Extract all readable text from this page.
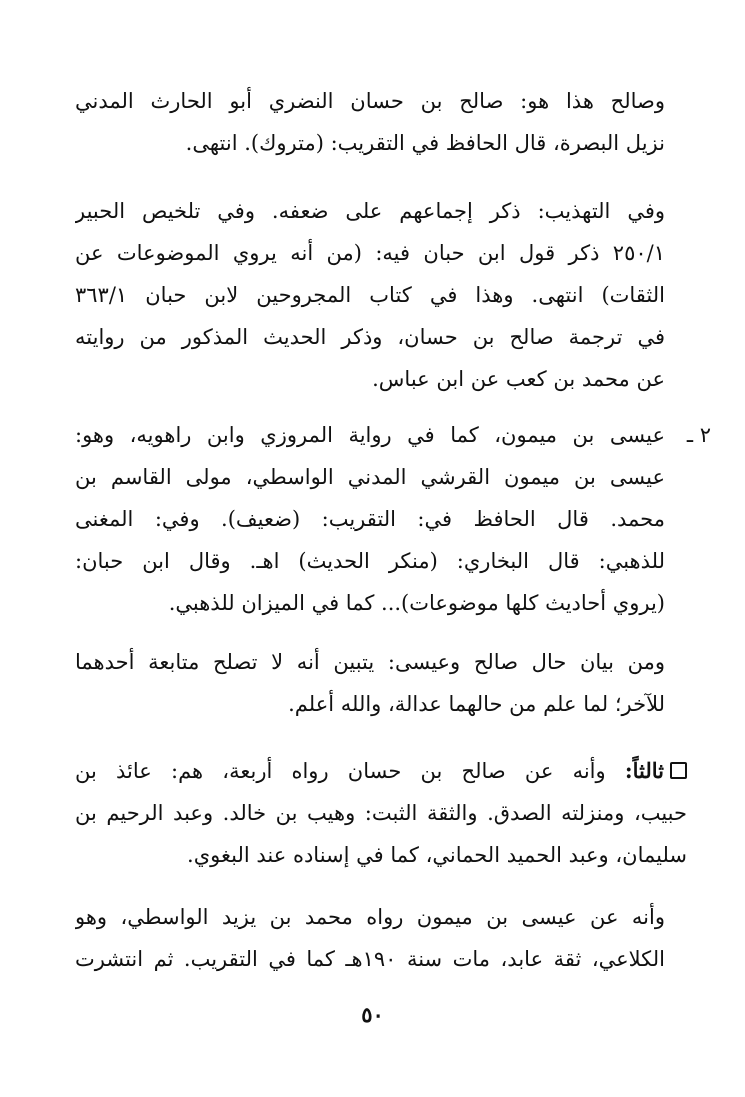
وصالح هذا هو: صالح بن حسان النضري أبو الحارث المدني
نزيل البصرة، قال الحافظ في التقريب: (متروك). انتهى.
وفي التهذيب: ذكر إجماعهم على ضعفه. وفي تلخيص الحبير
٢٥٠/١ ذكر قول ابن حبان فيه: (من أنه يروي الموضوعات عن
الثقات) انتهى. وهذا في كتاب المجروحين لابن حبان ٣٦٣/١
في ترجمة صالح بن حسان، وذكر الحديث المذكور من روايته
عن محمد بن كعب عن ابن عباس.
٢ ـ
عيسى بن ميمون، كما في رواية المروزي وابن راهويه، وهو:
عيسى بن ميمون القرشي المدني الواسطي، مولى القاسم بن
محمد. قال الحافظ في: التقريب: (ضعيف). وفي: المغنى
للذهبي: قال البخاري: (منكر الحديث) اهـ. وقال ابن حبان:
(يروي أحاديث كلها موضوعات)... كما في الميزان للذهبي.
ومن بيان حال صالح وعيسى: يتبين أنه لا تصلح متابعة أحدهما
للآخر؛ لما علم من حالهما عدالة، والله أعلم.
ثالثاً: وأنه عن صالح بن حسان رواه أربعة، هم: عائذ بن
حبيب، ومنزلته الصدق. والثقة الثبت: وهيب بن خالد. وعبد الرحيم بن
سليمان، وعبد الحميد الحماني، كما في إسناده عند البغوي.
وأنه عن عيسى بن ميمون رواه محمد بن يزيد الواسطي، وهو
الكلاعي، ثقة عابد، مات سنة ١٩٠هـ كما في التقريب. ثم انتشرت
٥٠
